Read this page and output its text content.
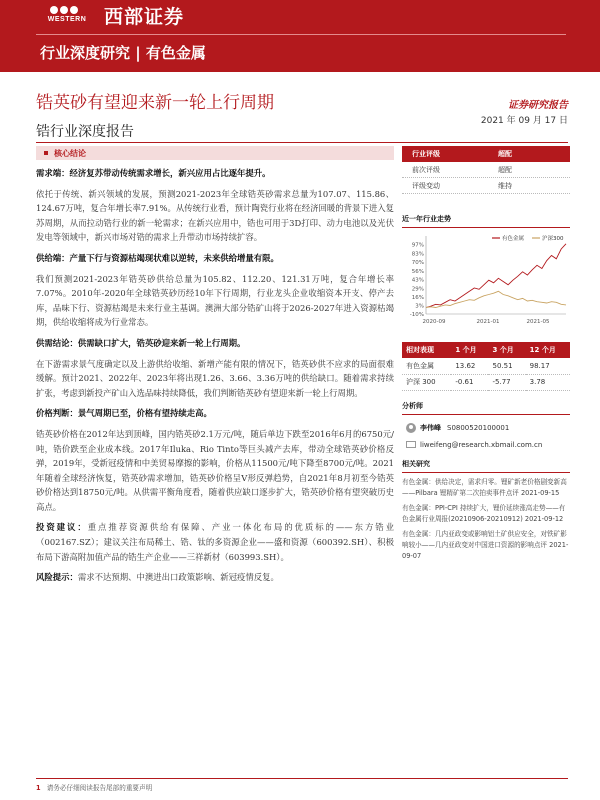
WESTERN 西部证券
行业深度研究 | 有色金属
锆英砂有望迎来新一轮上行周期	证券研究报告
2021 年 09 月 17 日
锆行业深度报告
核心结论
需求端：经济复苏带动传统需求增长，新兴应用占比逐年提升。
依托于传统、新兴领域的发展，预测2021-2023年全球锆英砂需求总量为107.07、115.86、124.67万吨，复合年增长率7.91%。从传统行业看，预计陶瓷行业将在经济回暖的背景下进入复苏周期，从而拉动锆行业的新一轮需求；在新兴应用中，锆也可用于3D打印、动力电池以及光伏发电等领域中，新兴市场对锆的需求上升带动市场持续扩容。
供给端：产量下行与资源枯竭现状难以逆转，未来供给增量有限。
我们预测2021-2023年锆英砂供给总量为105.82、112.20、121.31万吨，复合年增长率7.07%。2010年-2020年全球锆英砂历经10年下行周期，行业龙头企业收缩资本开支、停产去库，品味下行、资源枯竭是未来行业主基调。澳洲大部分锆矿山将于2026-2027年进入资源枯竭期，供给收缩将成为行业常态。
供需结论：供需缺口扩大，锆英砂迎来新一轮上行周期。
在下游需求景气度确定以及上游供给收缩、新增产能有限的情况下，锆英砂供不应求的局面很难缓解。预计2021、2022年、2023年将出现1.26、3.66、3.36万吨的供给缺口。随着需求持续扩张，考虑到新投产矿山入选品味持续降低，我们判断锆英砂有望迎来新一轮上行周期。
价格判断：景气周期已至，价格有望持续走高。
锆英砂价格在2012年达到顶峰，国内锆英砂2.1万元/吨，随后单边下跌至2016年6月的6750元/吨，锆价跌至企业成本线。2017年Iluka、Rio Tinto等巨头减产去库，带动全球锆英砂价格反弹，2019年，受新冠疫情和中美贸易摩擦的影响，价格从11500元/吨下降至8700元/吨。2021年随着全球经济恢复，锆英砂需求增加，锆英砂价格呈V形反弹趋势，自2021年8月初至今锆英砂价格达到18750元/吨。从供需平衡角度看，随着供应缺口逐步扩大，锆英砂价格有望突破历史高点。
投资建议：重点推荐资源供给有保障、产业一体化布局的优质标的——东方锆业（002167.SZ）；建议关注布局稀土、锆、钛的多资源企业——盛和资源（600392.SH）、积极布局下游高附加值产品的锆生产企业——三祥新材（603993.SH）。
风险提示：需求不达预期、中澳进出口政策影响、新冠疫情反复。
行业评级	超配
前次评级	超配
评级变动	维持
近一年行业走势
-10%
3%
16%
29%
43%
56%
70%
83%
97%
2020-09	2021-01	2021-05
有色金属	沪深300
相对表现	1 个月	3 个月	12 个月
有色金属	13.62	50.51	98.17
沪深 300	-0.61	-5.77	3.78
分析师
李伟峰 S0800520100001
liweifeng@research.xbmail.com.cn
相关研究
有色金属：供给决定，需求归零。锂矿新老价格剧变新高——Pilbara 锂精矿第二次拍卖事件点评 2021-09-15
有色金属：PPI-CPI 持续扩大，锂价延续涨高走势——有色金属行业周报(20210906-20210912) 2021-09-12
有色金属：几内亚政变或影响铝土矿供应安全，对铁矿影响较小——几内亚政变对中国进口资源的影响点评 2021-09-07
1 请务必仔细阅读报告尾部的重要声明
